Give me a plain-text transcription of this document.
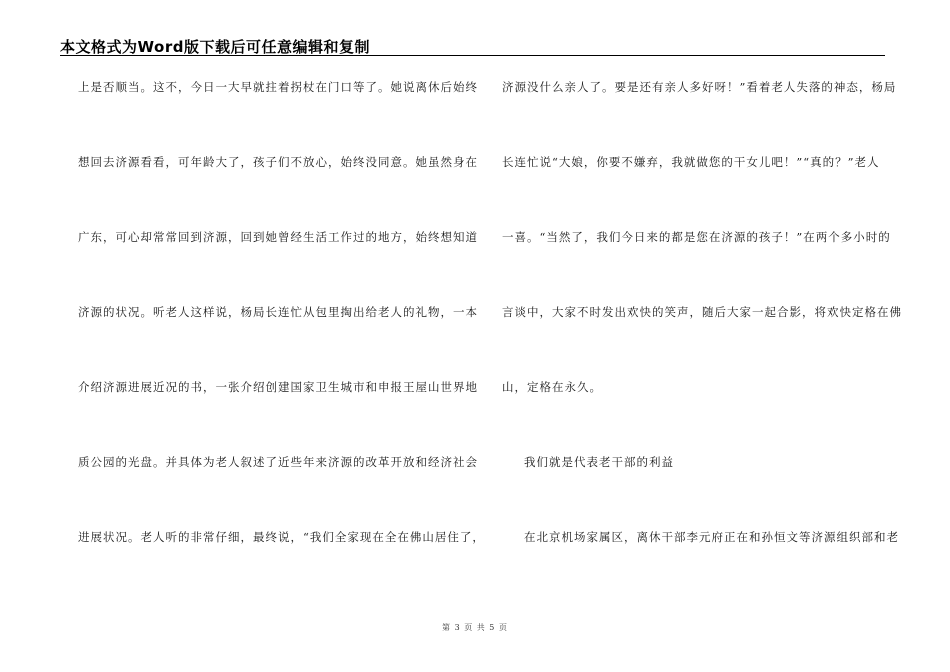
本文格式为Word版下载后可任意编辑和复制
上是否顺当。这不，今日一大早就拄着拐杖在门口等了。她说离休后始终
想回去济源看看，可年龄大了，孩子们不放心，始终没同意。她虽然身在
广东，可心却常常回到济源，回到她曾经生活工作过的地方，始终想知道
济源的状况。听老人这样说，杨局长连忙从包里掏出给老人的礼物，一本
介绍济源进展近况的书，一张介绍创建国家卫生城市和申报王屋山世界地
质公园的光盘。并具体为老人叙述了近些年来济源的改革开放和经济社会
进展状况。老人听的非常仔细，最终说，“我们全家现在全在佛山居住了，
济源没什么亲人了。要是还有亲人多好呀！”看着老人失落的神态，杨局
长连忙说“大娘，你要不嫌弃，我就做您的干女儿吧！”“真的？”老人
一喜。“当然了，我们今日来的都是您在济源的孩子！”在两个多小时的
言谈中，大家不时发出欢快的笑声，随后大家一起合影，将欢快定格在佛
山，定格在永久。
我们就是代表老干部的利益
在北京机场家属区，离休干部李元府正在和孙恒文等济源组织部和老
第 3 页 共 5 页
